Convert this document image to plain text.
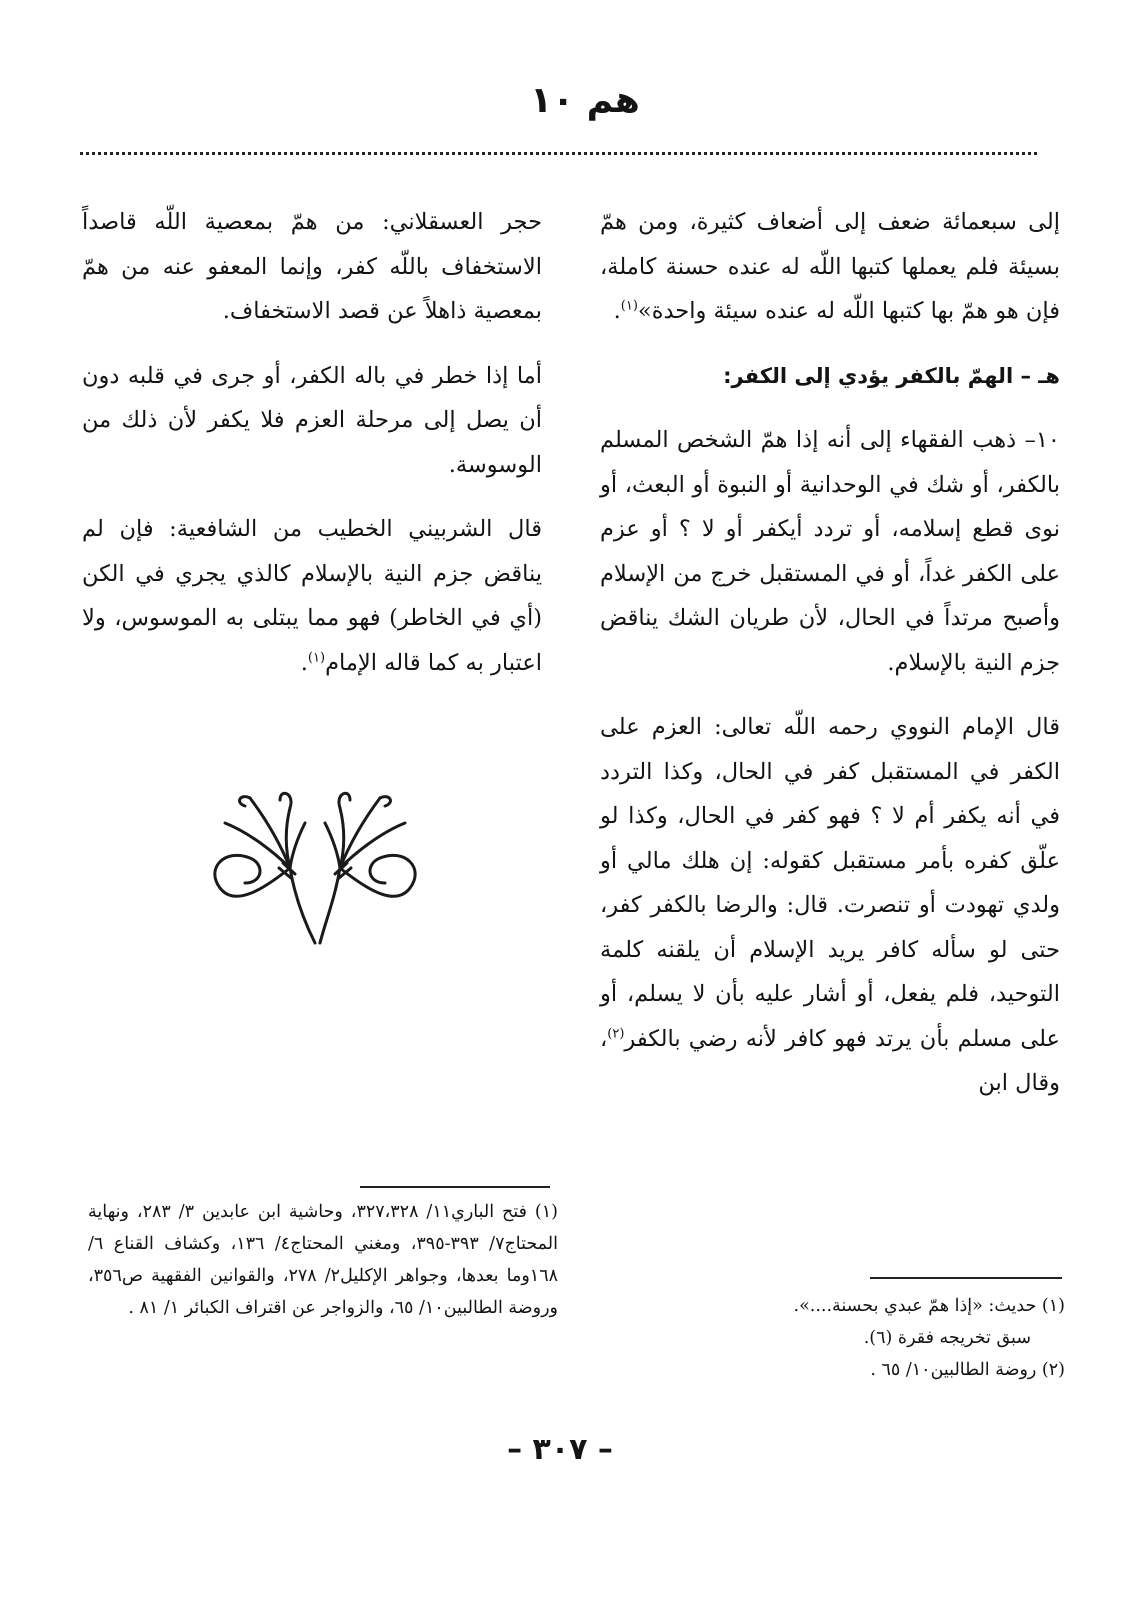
هم ١٠

إلى سبعمائة ضعف إلى أضعاف كثيرة، ومن همّ بسيئة فلم يعملها كتبها اللّه له عنده حسنة كاملة، فإن هو همّ بها كتبها اللّه له عنده سيئة واحدة»$^{(١)}$.

هـ – الهمّ بالكفر يؤدي إلى الكفر:

١٠– ذهب الفقهاء إلى أنه إذا همّ الشخص المسلم بالكفر، أو شك في الوحدانية أو النبوة أو البعث، أو نوى قطع إسلامه، أو تردد أيكفر أو لا ؟ أو عزم على الكفر غداً، أو في المستقبل خرج من الإسلام وأصبح مرتداً في الحال، لأن طريان الشك يناقض جزم النية بالإسلام.

قال الإمام النووي رحمه اللّه تعالى: العزم على الكفر في المستقبل كفر في الحال، وكذا التردد في أنه يكفر أم لا ؟ فهو كفر في الحال، وكذا لو علّق كفره بأمر مستقبل كقوله: إن هلك مالي أو ولدي تهودت أو تنصرت. قال: والرضا بالكفر كفر، حتى لو سأله كافر يريد الإسلام أن يلقنه كلمة التوحيد، فلم يفعل، أو أشار عليه بأن لا يسلم، أو على مسلم بأن يرتد فهو كافر لأنه رضي بالكفر$^{(٢)}$، وقال ابن

حجر العسقلاني: من همّ بمعصية اللّه قاصداً الاستخفاف باللّه كفر، وإنما المعفو عنه من همّ بمعصية ذاهلاً عن قصد الاستخفاف.

أما إذا خطر في باله الكفر، أو جرى في قلبه دون أن يصل إلى مرحلة العزم فلا يكفر لأن ذلك من الوسوسة.

قال الشربيني الخطيب من الشافعية: فإن لم يناقض جزم النية بالإسلام كالذي يجري في الكن (أي في الخاطر) فهو مما يبتلى به الموسوس، ولا اعتبار به كما قاله الإمام$^{(١)}$.

(١) فتح الباري١١/ ٣٢٧،٣٢٨، وحاشية ابن عابدين ٣/ ٢٨٣، ونهاية المحتاج٧/ ٣٩٣-٣٩٥، ومغني المحتاج٤/ ١٣٦، وكشاف القناع ٦/ ١٦٨وما بعدها، وجواهر الإكليل٢/ ٢٧٨، والقوانين الفقهية ص٣٥٦، وروضة الطالبين١٠/ ٦٥، والزواجر عن اقتراف الكبائر ١/ ٨١ .	(١) حديث: «إذا همّ عبدي بحسنة....».

سبق تخريجه فقرة (٦).

(٢) روضة الطالبين١٠/ ٦٥ .

– ٣٠٧ –
